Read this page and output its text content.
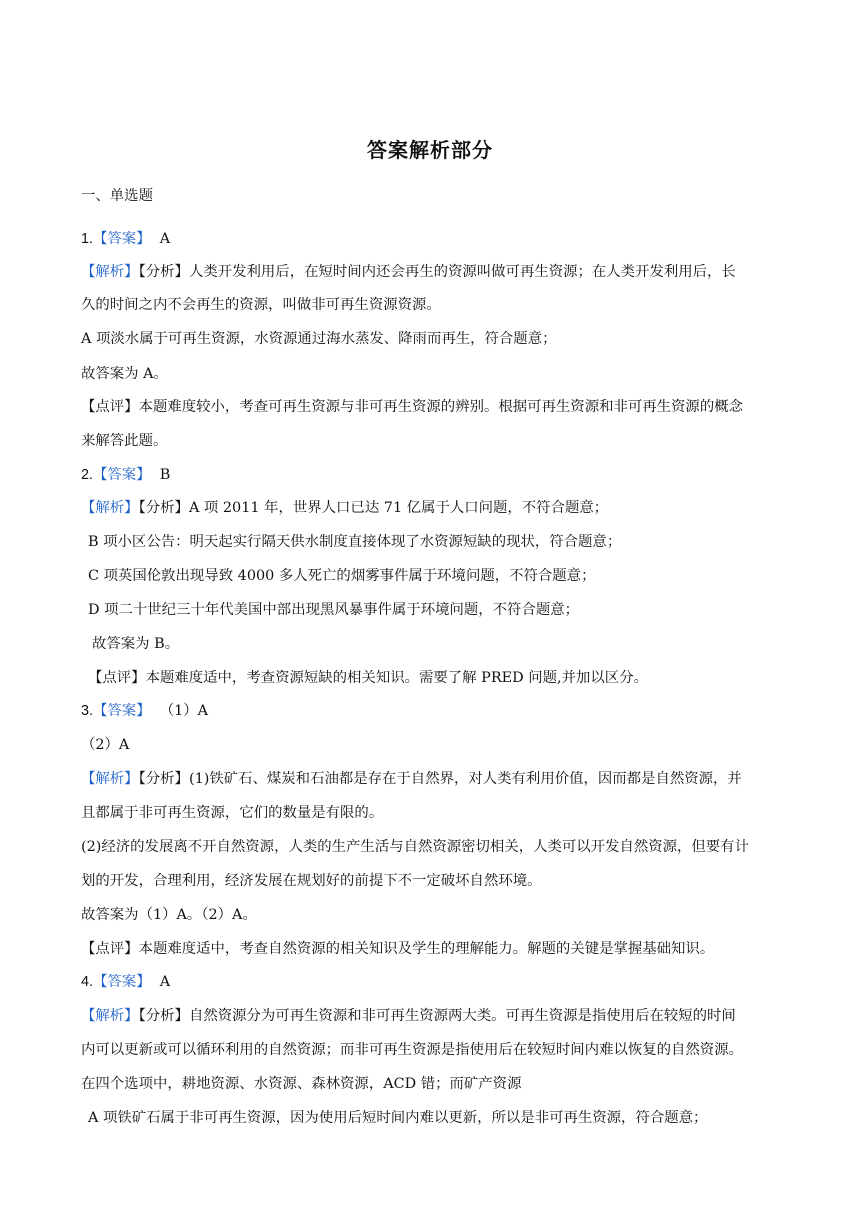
答案解析部分
一、单选题
1.【答案】 A
【解析】【分析】人类开发利用后，在短时间内还会再生的资源叫做可再生资源；在人类开发利用后，长
久的时间之内不会再生的资源，叫做非可再生资源资源。
A 项淡水属于可再生资源，水资源通过海水蒸发、降雨而再生，符合题意；
故答案为 A。
【点评】本题难度较小，考查可再生资源与非可再生资源的辨别。根据可再生资源和非可再生资源的概念
来解答此题。
2.【答案】 B
【解析】【分析】A 项 2011 年，世界人口已达 71 亿属于人口问题，不符合题意；
B 项小区公告：明天起实行隔天供水制度直接体现了水资源短缺的现状，符合题意；
C 项英国伦敦出现导致 4000 多人死亡的烟雾事件属于环境问题，不符合题意；
D 项二十世纪三十年代美国中部出现黑风暴事件属于环境问题，不符合题意；
故答案为 B。
【点评】本题难度适中，考查资源短缺的相关知识。需要了解 PRED 问题,并加以区分。
3.【答案】 （1）A
（2）A
【解析】【分析】(1)铁矿石、煤炭和石油都是存在于自然界，对人类有利用价值，因而都是自然资源，并
且都属于非可再生资源，它们的数量是有限的。
(2)经济的发展离不开自然资源，人类的生产生活与自然资源密切相关，人类可以开发自然资源，但要有计
划的开发，合理利用，经济发展在规划好的前提下不一定破坏自然环境。
故答案为（1）A。（2）A。
【点评】本题难度适中，考查自然资源的相关知识及学生的理解能力。解题的关键是掌握基础知识。
4.【答案】 A
【解析】【分析】自然资源分为可再生资源和非可再生资源两大类。可再生资源是指使用后在较短的时间
内可以更新或可以循环利用的自然资源；而非可再生资源是指使用后在较短时间内难以恢复的自然资源。
在四个选项中，耕地资源、水资源、森林资源，ACD 错；而矿产资源
A 项铁矿石属于非可再生资源，因为使用后短时间内难以更新，所以是非可再生资源，符合题意；
